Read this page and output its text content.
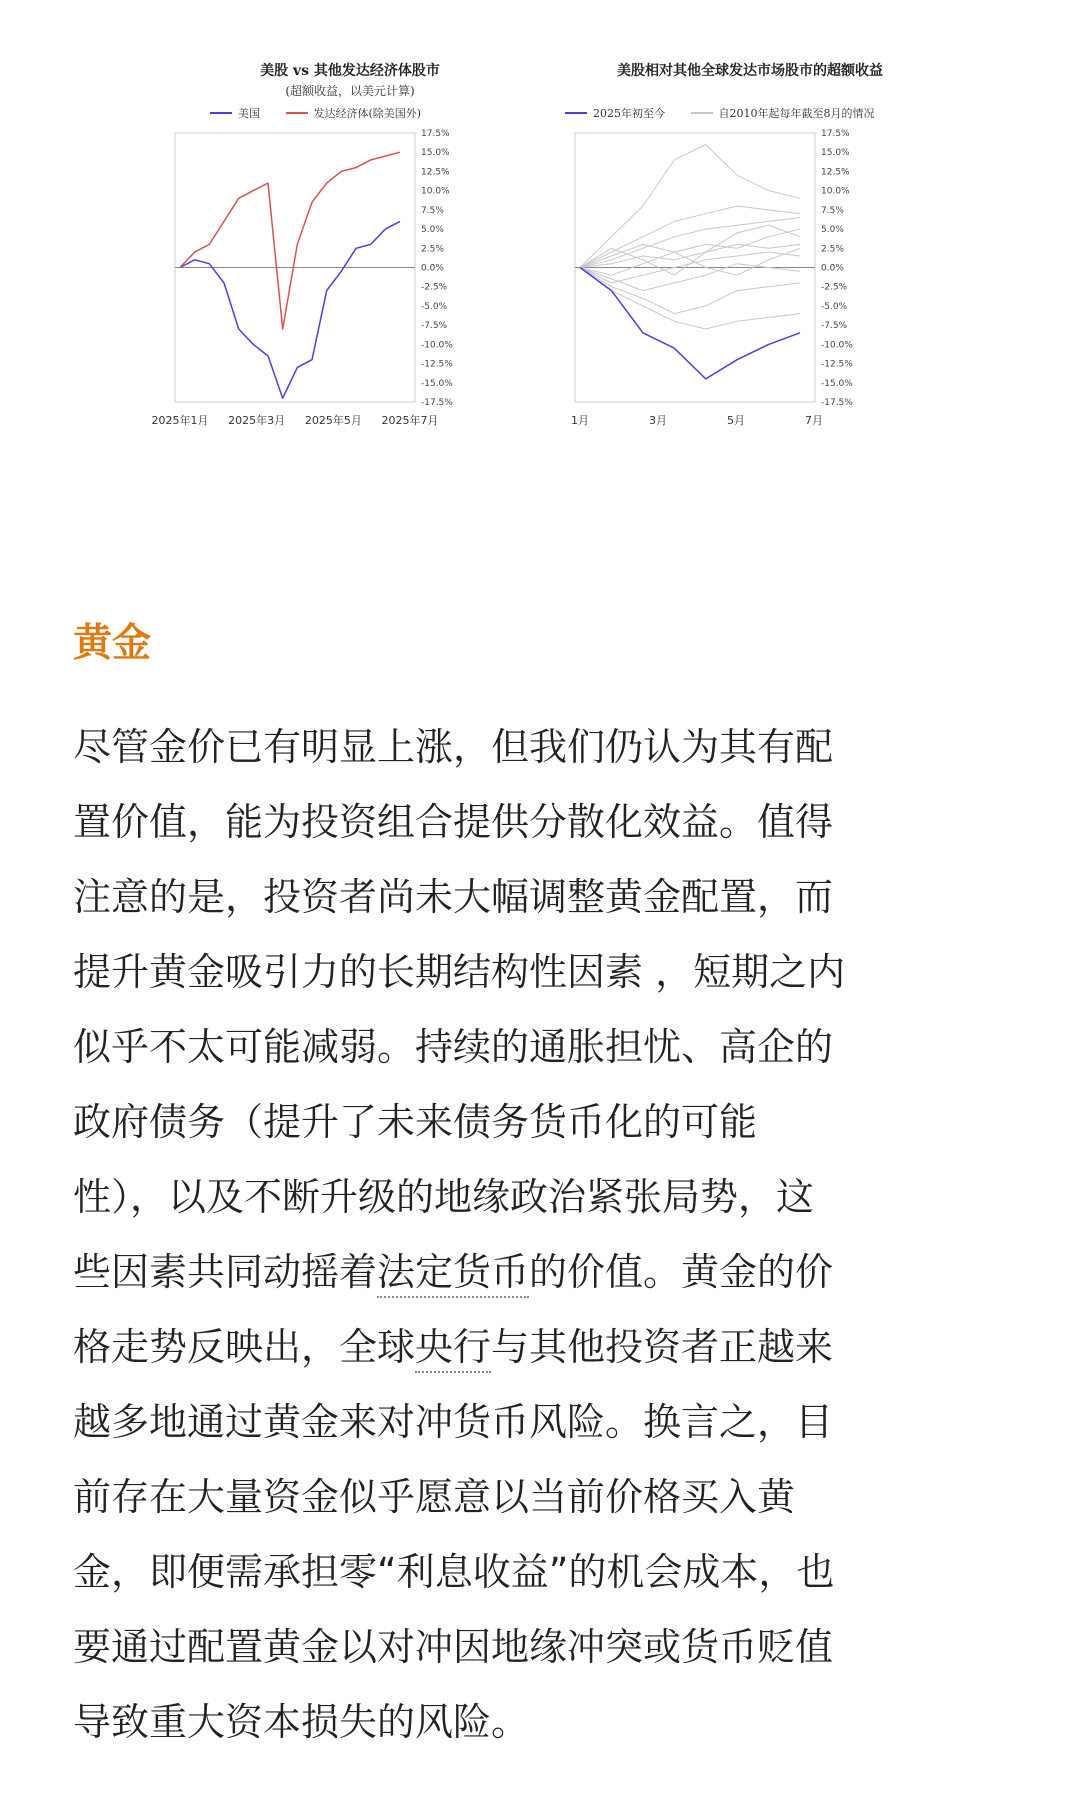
美股 vs 其他发达经济体股市
(超额收益，以美元计算)
美国
	发达经济体(除美国外)
17.5%
15.0%
12.5%
10.0%
7.5%
5.0%
2.5%
0.0%
-2.5%
-5.0%
-7.5%
-10.0%
-12.5%
-15.0%
-17.5%
2025年1月 2025年3月 2025年5月 2025年7月
美股相对其他全球发达市场股市的超额收益
2025年初至今
	自2010年起每年截至8月的情况
17.5%
15.0%
12.5%
10.0%
7.5%
5.0%
2.5%
0.0%
-2.5%
-5.0%
-7.5%
-10.0%
-12.5%
-15.0%
-17.5%
1月	3月	5月	7月
黄金
尽管金价已有明显上涨，但我们仍认为其有配
置价值，能为投资组合提供分散化效益。值得
注意的是，投资者尚未大幅调整黄金配置，而
提升黄金吸引力的长期结构性因素 ，短期之内
似乎不太可能减弱。持续的通胀担忧、高企的
政府债务（提升了未来债务货币化的可能
性），以及不断升级的地缘政治紧张局势，这
些因素共同动摇着法定货币的价值。黄金的价
格走势反映出，全球央行与其他投资者正越来
越多地通过黄金来对冲货币风险。换言之，目
前存在大量资金似乎愿意以当前价格买入黄
金，即便需承担零“利息收益”的机会成本，也
要通过配置黄金以对冲因地缘冲突或货币贬值
导致重大资本损失的风险。
